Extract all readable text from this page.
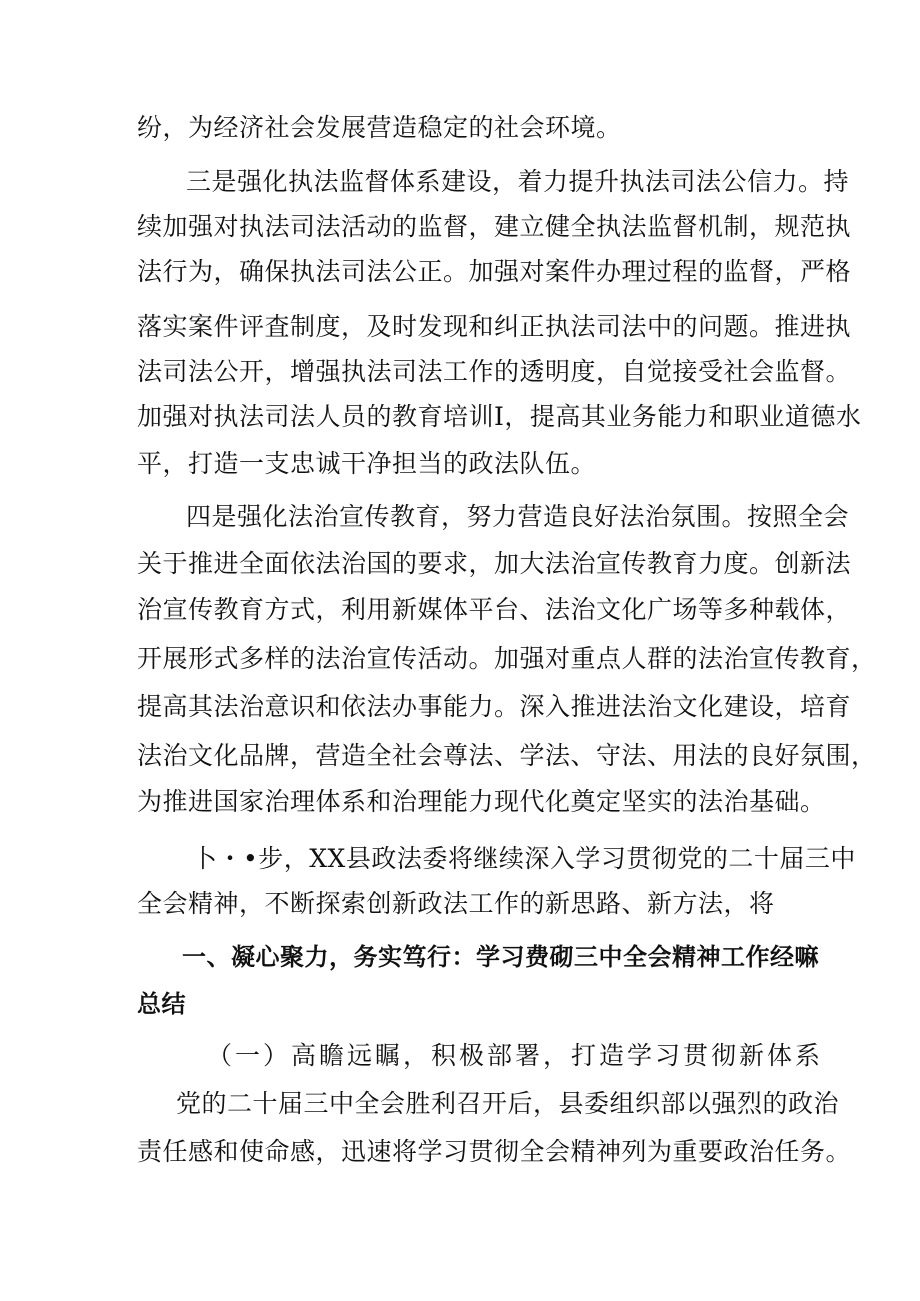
纷，为经济社会发展营造稳定的社会环境。

三是强化执法监督体系建设，着力提升执法司法公信力。持

续加强对执法司法活动的监督，建立健全执法监督机制，规范执

法行为，确保执法司法公正。加强对案件办理过程的监督，严格

落实案件评査制度，及时发现和纠正执法司法中的问题。推进执

法司法公开，增强执法司法工作的透明度，自觉接受社会监督。

加强对执法司法人员的教育培训I，提高其业务能力和职业道德水

平，打造一支忠诚干净担当的政法队伍。

四是强化法治宣传教育，努力营造良好法治氛围。按照全会

关于推进全面依法治国的要求，加大法治宣传教育力度。创新法

治宣传教育方式，利用新媒体平台、法治文化广场等多种载体，

开展形式多样的法治宣传活动。加强对重点人群的法治宣传教育，

提高其法治意识和依法办事能力。深入推进法治文化建设，培育

法治文化品牌，营造全社会尊法、学法、守法、用法的良好氛围，

为推进国家治理体系和治理能力现代化奠定坚实的法治基础。

卜・•步，XX县政法委将继续深入学习贯彻党的二十届三中

全会精神，不断探索创新政法工作的新思路、新方法，将

一、凝心聚力，务实笃行：学习费砌三中全会精神工作经嘛

总结

（一）高瞻远瞩，积极部署，打造学习贯彻新体系

党的二十届三中全会胜利召开后，县委组织部以强烈的政治

责任感和使命感，迅速将学习贯彻全会精神列为重要政治任务。
